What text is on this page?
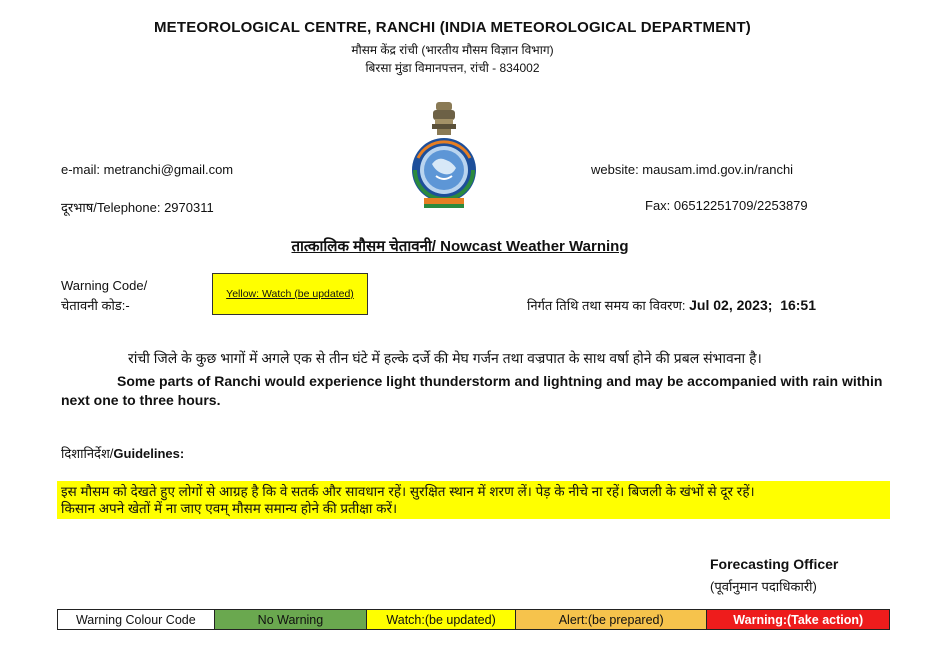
METEOROLOGICAL CENTRE, RANCHI (INDIA METEOROLOGICAL DEPARTMENT)
मौसम केंद्र रांची (भारतीय मौसम विज्ञान विभाग)
बिरसा मुंडा विमानपत्तन, रांची - 834002
e-mail: metranchi@gmail.com
दूरभाष/Telephone: 2970311
website: mausam.imd.gov.in/ranchi
Fax: 06512251709/2253879
तात्कालिक मौसम चेतावनी/ Nowcast Weather Warning
Warning Code/
चेतावनी कोड:-
Yellow: Watch (be updated)
निर्गत तिथि तथा समय का विवरण: Jul 02, 2023;  16:51
रांची जिले के कुछ भागों में अगले एक से तीन घंटे में हल्के दर्जे की मेघ गर्जन तथा वज्रपात के साथ वर्षा होने की प्रबल संभावना है।
Some parts of Ranchi would experience light thunderstorm and lightning and may be accompanied with rain within next one to three hours.
दिशानिर्देश/Guidelines:
इस मौसम को देखते हुए लोगों से आग्रह है कि वे सतर्क और सावधान रहें। सुरक्षित स्थान में शरण लें। पेड़ के नीचे ना रहें। बिजली के खंभों से दूर रहें।
किसान अपने खेतों में ना जाए एवम् मौसम समान्य होने की प्रतीक्षा करें।
Forecasting Officer
(पूर्वानुमान पदाधिकारी)
Warning Colour Code	No Warning	Watch:(be updated)	Alert:(be prepared)	Warning:(Take action)
